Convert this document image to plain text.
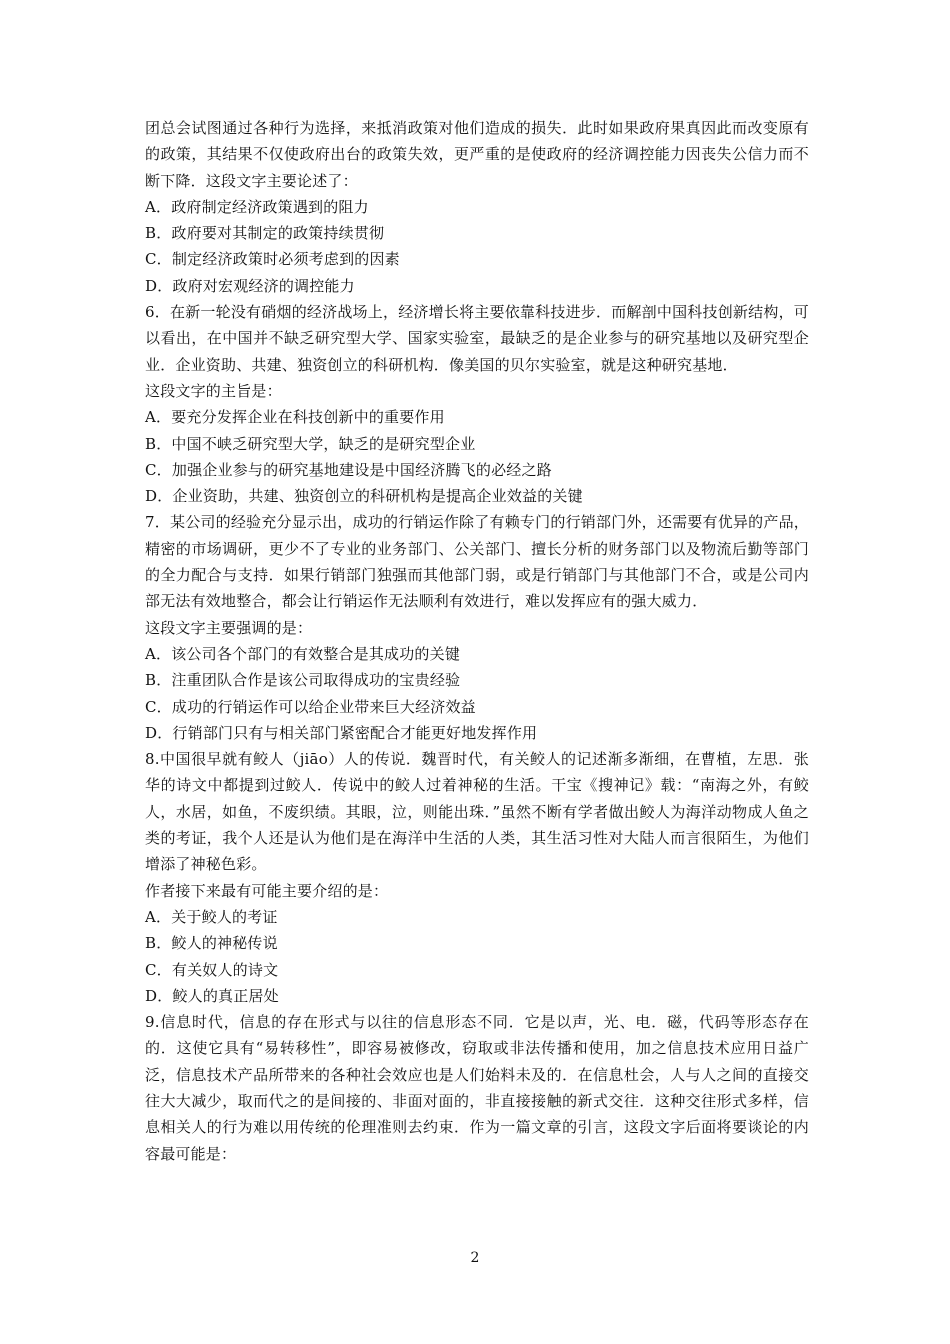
团总会试图通过各种行为选择，来抵消政策对他们造成的损失．此时如果政府果真因此而改变原有的政策，其结果不仅使政府出台的政策失效，更严重的是使政府的经济调控能力因丧失公信力而不断下降．这段文字主要论述了：

A．政府制定经济政策遇到的阻力

B．政府要对其制定的政策持续贯彻

C．制定经济政策时必须考虑到的因素

D．政府对宏观经济的调控能力

6．在新一轮没有硝烟的经济战场上，经济增长将主要依靠科技进步．而解剖中国科技创新结构，可以看出，在中国并不缺乏研究型大学、国家实验室，最缺乏的是企业参与的研究基地以及研究型企业．企业资助、共建、独资创立的科研机构．像美国的贝尔实验室，就是这种研究基地．

这段文字的主旨是：

A．要充分发挥企业在科技创新中的重要作用

B．中国不峡乏研究型大学，缺乏的是研究型企业

C．加强企业参与的研究基地建设是中国经济腾飞的必经之路

D．企业资助，共建、独资创立的科研机构是提高企业效益的关键

7．某公司的经验充分显示出，成功的行销运作除了有赖专门的行销部门外，还需要有优异的产品，精密的市场调研，更少不了专业的业务部门、公关部门、擅长分析的财务部门以及物流后勤等部门的全力配合与支持．如果行销部门独强而其他部门弱，或是行销部门与其他部门不合，或是公司内部无法有效地整合，都会让行销运作无法顺利有效进行，难以发挥应有的强大威力．

这段文字主要强调的是：

A．该公司各个部门的有效整合是其成功的关键

B．注重团队合作是该公司取得成功的宝贵经验

C．成功的行销运作可以给企业带来巨大经济效益

D．行销部门只有与相关部门紧密配合才能更好地发挥作用

8.中国很早就有鲛人（jiāo）人的传说．魏晋时代，有关鲛人的记述渐多渐细，在曹植，左思．张华的诗文中都提到过鲛人．传说中的鲛人过着神秘的生活。干宝《搜神记》载：“南海之外，有鲛人，水居，如鱼，不废织绩。其眼，泣，则能出珠．”虽然不断有学者做出鲛人为海洋动物成人鱼之类的考证，我个人还是认为他们是在海洋中生活的人类，其生活习性对大陆人而言很陌生，为他们增添了神秘色彩。

作者接下来最有可能主要介绍的是：

A．关于鲛人的考证

B．鲛人的神秘传说

C．有关奴人的诗文

D．鲛人的真正居处

9.信息时代，信息的存在形式与以往的信息形态不同．它是以声，光、电．磁，代码等形态存在的．这使它具有“易转移性”，即容易被修改，窃取或非法传播和使用，加之信息技术应用日益广泛，信息技术产品所带来的各种社会效应也是人们始料未及的．在信息杜会，人与人之间的直接交往大大减少，取而代之的是间接的、非面对面的，非直接接触的新式交往．这种交往形式多样，信息相关人的行为难以用传统的伦理准则去约束．作为一篇文章的引言，这段文字后面将要谈论的内容最可能是：

2
